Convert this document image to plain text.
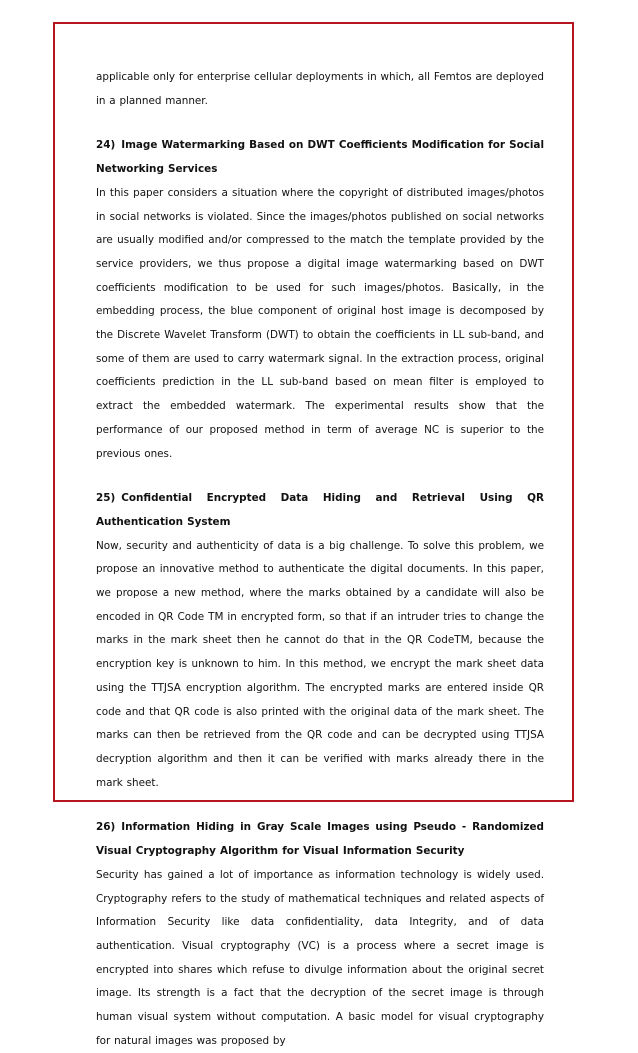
applicable only for enterprise cellular deployments in which, all Femtos are deployed in a planned manner.

24) Image Watermarking Based on DWT Coefficients Modification for Social Networking Services

In this paper considers a situation where the copyright of distributed images/photos in social networks is violated. Since the images/photos published on social networks are usually modified and/or compressed to the match the template provided by the service providers, we thus propose a digital image watermarking based on DWT coefficients modification to be used for such images/photos. Basically, in the embedding process, the blue component of original host image is decomposed by the Discrete Wavelet Transform (DWT) to obtain the coefficients in LL sub-band, and some of them are used to carry watermark signal. In the extraction process, original coefficients prediction in the LL sub-band based on mean filter is employed to extract the embedded watermark. The experimental results show that the performance of our proposed method in term of average NC is superior to the previous ones.

25) Confidential Encrypted Data Hiding and Retrieval Using QR Authentication System

Now, security and authenticity of data is a big challenge. To solve this problem, we propose an innovative method to authenticate the digital documents. In this paper, we propose a new method, where the marks obtained by a candidate will also be encoded in QR Code TM in encrypted form, so that if an intruder tries to change the marks in the mark sheet then he cannot do that in the QR CodeTM, because the encryption key is unknown to him. In this method, we encrypt the mark sheet data using the TTJSA encryption algorithm. The encrypted marks are entered inside QR code and that QR code is also printed with the original data of the mark sheet. The marks can then be retrieved from the QR code and can be decrypted using TTJSA decryption algorithm and then it can be verified with marks already there in the mark sheet.

26) Information Hiding in Gray Scale Images using Pseudo - Randomized Visual Cryptography Algorithm for Visual Information Security

Security has gained a lot of importance as information technology is widely used. Cryptography refers to the study of mathematical techniques and related aspects of Information Security like data confidentiality, data Integrity, and of data authentication. Visual cryptography (VC) is a process where a secret image is encrypted into shares which refuse to divulge information about the original secret image. Its strength is a fact that the decryption of the secret image is through human visual system without computation. A basic model for visual cryptography for natural images was proposed by
